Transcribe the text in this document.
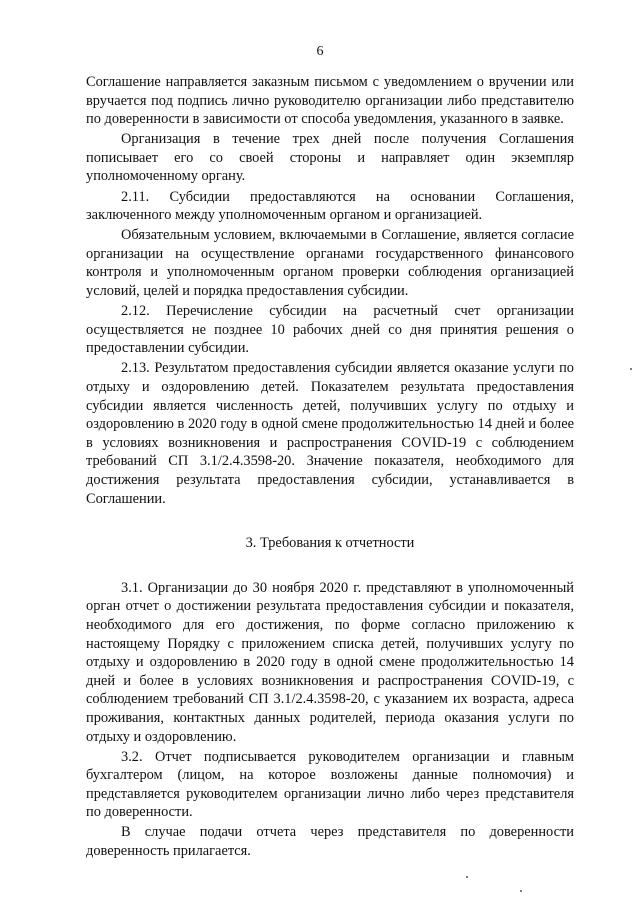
6

Соглашение направляется заказным письмом с уведомлением о вручении или вручается под подпись лично руководителю организации либо представителю по доверенности в зависимости от способа уведомления, указанного в заявке.

Организация в течение трех дней после получения Соглашения пописывает его со своей стороны и направляет один экземпляр уполномоченному органу.

2.11. Субсидии предоставляются на основании Соглашения, заключенного между уполномоченным органом и организацией.

Обязательным условием, включаемыми в Соглашение, является согласие организации на осуществление органами государственного финансового контроля и уполномоченным органом проверки соблюдения организацией условий, целей и порядка предоставления субсидии.

2.12. Перечисление субсидии на расчетный счет организации осуществляется не позднее 10 рабочих дней со дня принятия решения о предоставлении субсидии.

2.13. Результатом предоставления субсидии является оказание услуги по отдыху и оздоровлению детей. Показателем результата предоставления субсидии является численность детей, получивших услугу по отдыху и оздоровлению в 2020 году в одной смене продолжительностью 14 дней и более в условиях возникновения и распространения COVID-19 с соблюдением требований СП 3.1/2.4.3598-20. Значение показателя, необходимого для достижения результата предоставления субсидии, устанавливается в Соглашении.

3. Требования к отчетности

3.1. Организации до 30 ноября 2020 г. представляют в уполномоченный орган отчет о достижении результата предоставления субсидии и показателя, необходимого для его достижения, по форме согласно приложению к настоящему Порядку с приложением списка детей, получивших услугу по отдыху и оздоровлению в 2020 году в одной смене продолжительностью 14 дней и более в условиях возникновения и распространения COVID-19, с соблюдением требований СП 3.1/2.4.3598-20, с указанием их возраста, адреса проживания, контактных данных родителей, периода оказания услуги по отдыху и оздоровлению.

3.2. Отчет подписывается руководителем организации и главным бухгалтером (лицом, на которое возложены данные полномочия) и представляется руководителем организации лично либо через представителя по доверенности.

В случае подачи отчета через представителя по доверенности доверенность прилагается.
